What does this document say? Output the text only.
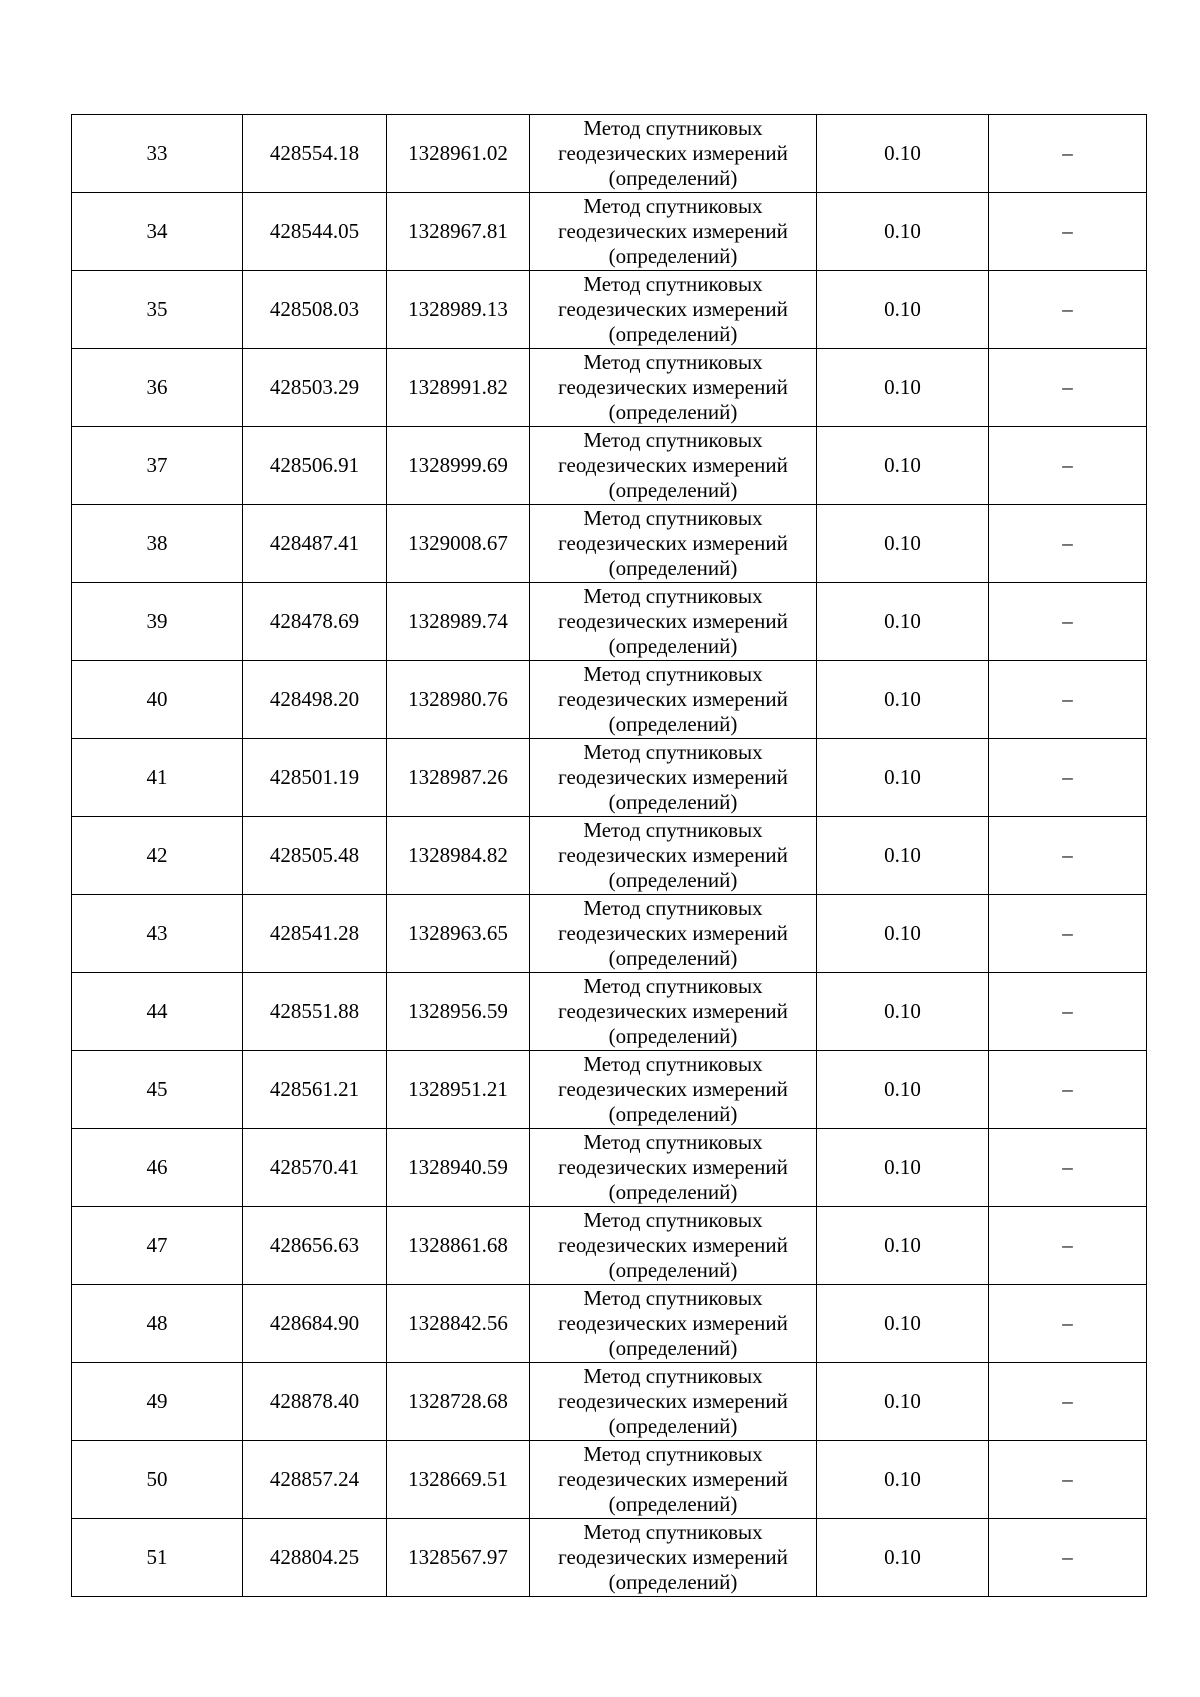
33	428554.18	1328961.02	Метод спутниковых
геодезических измерений
(определений)	0.10	–
34	428544.05	1328967.81	Метод спутниковых
геодезических измерений
(определений)	0.10	–
35	428508.03	1328989.13	Метод спутниковых
геодезических измерений
(определений)	0.10	–
36	428503.29	1328991.82	Метод спутниковых
геодезических измерений
(определений)	0.10	–
37	428506.91	1328999.69	Метод спутниковых
геодезических измерений
(определений)	0.10	–
38	428487.41	1329008.67	Метод спутниковых
геодезических измерений
(определений)	0.10	–
39	428478.69	1328989.74	Метод спутниковых
геодезических измерений
(определений)	0.10	–
40	428498.20	1328980.76	Метод спутниковых
геодезических измерений
(определений)	0.10	–
41	428501.19	1328987.26	Метод спутниковых
геодезических измерений
(определений)	0.10	–
42	428505.48	1328984.82	Метод спутниковых
геодезических измерений
(определений)	0.10	–
43	428541.28	1328963.65	Метод спутниковых
геодезических измерений
(определений)	0.10	–
44	428551.88	1328956.59	Метод спутниковых
геодезических измерений
(определений)	0.10	–
45	428561.21	1328951.21	Метод спутниковых
геодезических измерений
(определений)	0.10	–
46	428570.41	1328940.59	Метод спутниковых
геодезических измерений
(определений)	0.10	–
47	428656.63	1328861.68	Метод спутниковых
геодезических измерений
(определений)	0.10	–
48	428684.90	1328842.56	Метод спутниковых
геодезических измерений
(определений)	0.10	–
49	428878.40	1328728.68	Метод спутниковых
геодезических измерений
(определений)	0.10	–
50	428857.24	1328669.51	Метод спутниковых
геодезических измерений
(определений)	0.10	–
51	428804.25	1328567.97	Метод спутниковых
геодезических измерений
(определений)	0.10	–
